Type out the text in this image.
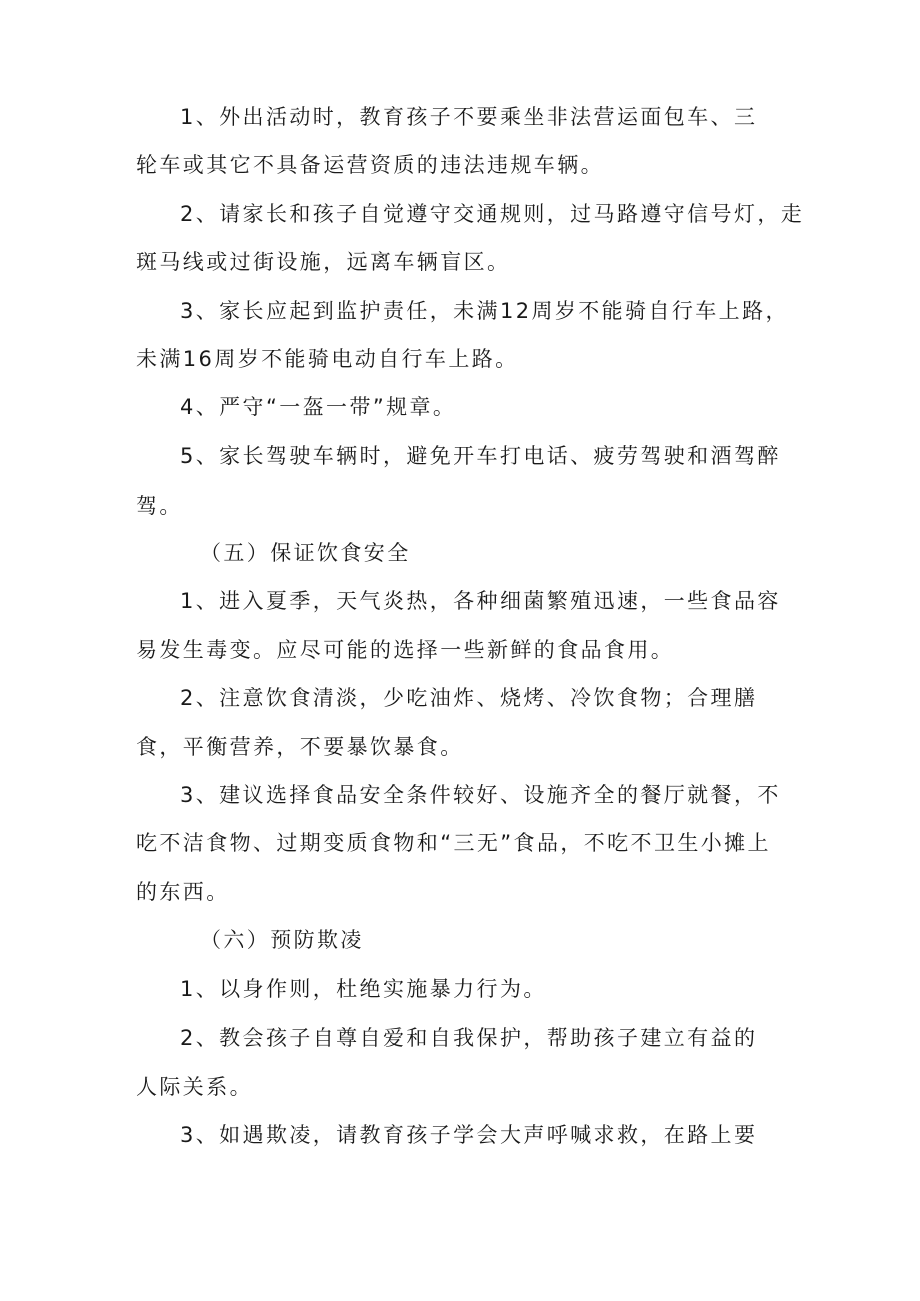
1、外出活动时，教育孩子不要乘坐非法营运面包车、三
轮车或其它不具备运营资质的违法违规车辆。
2、请家长和孩子自觉遵守交通规则，过马路遵守信号灯，走
斑马线或过街设施，远离车辆盲区。
3、家长应起到监护责任，未满12周岁不能骑自行车上路，
未满16周岁不能骑电动自行车上路。
4、严守“一盔一带”规章。
5、家长驾驶车辆时，避免开车打电话、疲劳驾驶和酒驾醉
驾。
（五）保证饮食安全
1、进入夏季，天气炎热，各种细菌繁殖迅速，一些食品容
易发生毒变。应尽可能的选择一些新鲜的食品食用。
2、注意饮食清淡，少吃油炸、烧烤、冷饮食物；合理膳
食，平衡营养，不要暴饮暴食。
3、建议选择食品安全条件较好、设施齐全的餐厅就餐，不
吃不洁食物、过期变质食物和“三无”食品，不吃不卫生小摊上
的东西。
（六）预防欺凌
1、以身作则，杜绝实施暴力行为。
2、教会孩子自尊自爱和自我保护，帮助孩子建立有益的
人际关系。
3、如遇欺凌，请教育孩子学会大声呼喊求救，在路上要
